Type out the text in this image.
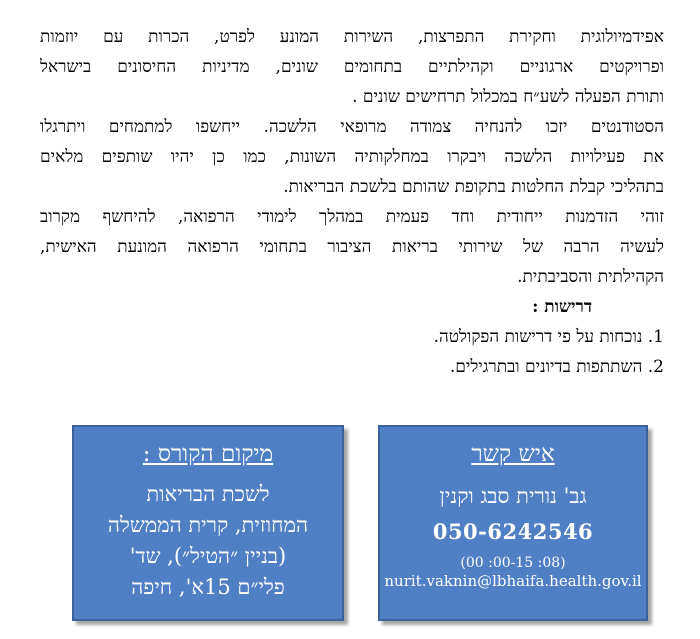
אפידמיולוגית וחקירת התפרצות, השירות המונע לפרט, הכרות עם יוזמות

ופרויקטים ארגוניים וקהילתיים בתחומים שונים, מדיניות החיסונים בישראל

ותורת הפעלה לשע״ח במכלול תרחישים שונים .

הסטודנטים יזכו להנחיה צמודה מרופאי הלשכה. ייחשפו למתמחים ויתרגלו

את פעילויות הלשכה ויבקרו במחלקותיה השונות, כמו כן יהיו שותפים מלאים

בתהליכי קבלת החלטות בתקופת שהותם בלשכת הבריאות.

זוהי הזדמנות ייחודית וחד פעמית במהלך לימודי הרפואה, להיחשף מקרוב

לעשיה הרבה של שירותי בריאות הציבור בתחומי הרפואה המונעת האישית,

הקהילתית והסביבתית.

דרישות :

1. נוכחות על פי דרישות הפקולטה.
2. השתתפות בדיונים ובתרגילים.
איש קשר
גב' נורית סבג וקנין
050-6242546
(08: 00-15: 00)
nurit.vaknin@lbhaifa.health.gov.il
מיקום הקורס :
לשכת הבריאות
המחוזית, קרית הממשלה
(בניין ״הטיל״), שד'
פלי״ם 15א', חיפה
